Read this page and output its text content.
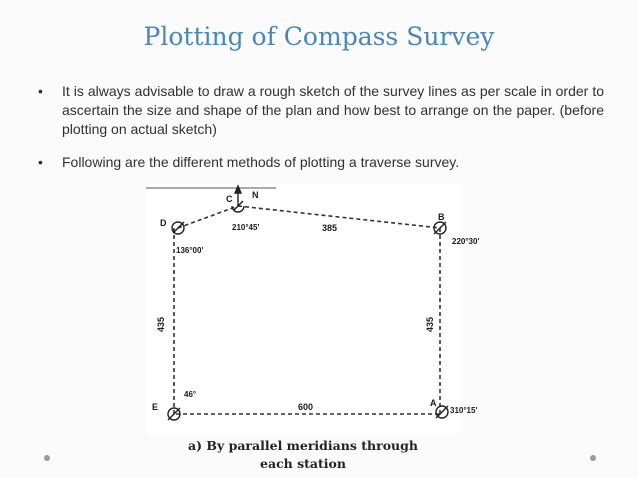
Plotting of Compass Survey
• It is always advisable to draw a rough sketch of the survey lines as per scale in order to ascertain the size and shape of the plan and how best to arrange on the paper. (before plotting on actual sketch)
• Following are the different methods of plotting a traverse survey.
D
C N
B
E	A
210°45'
136°00'
220°30'
46°
310°15'
385
600
435	435
a) By parallel meridians through
each station
